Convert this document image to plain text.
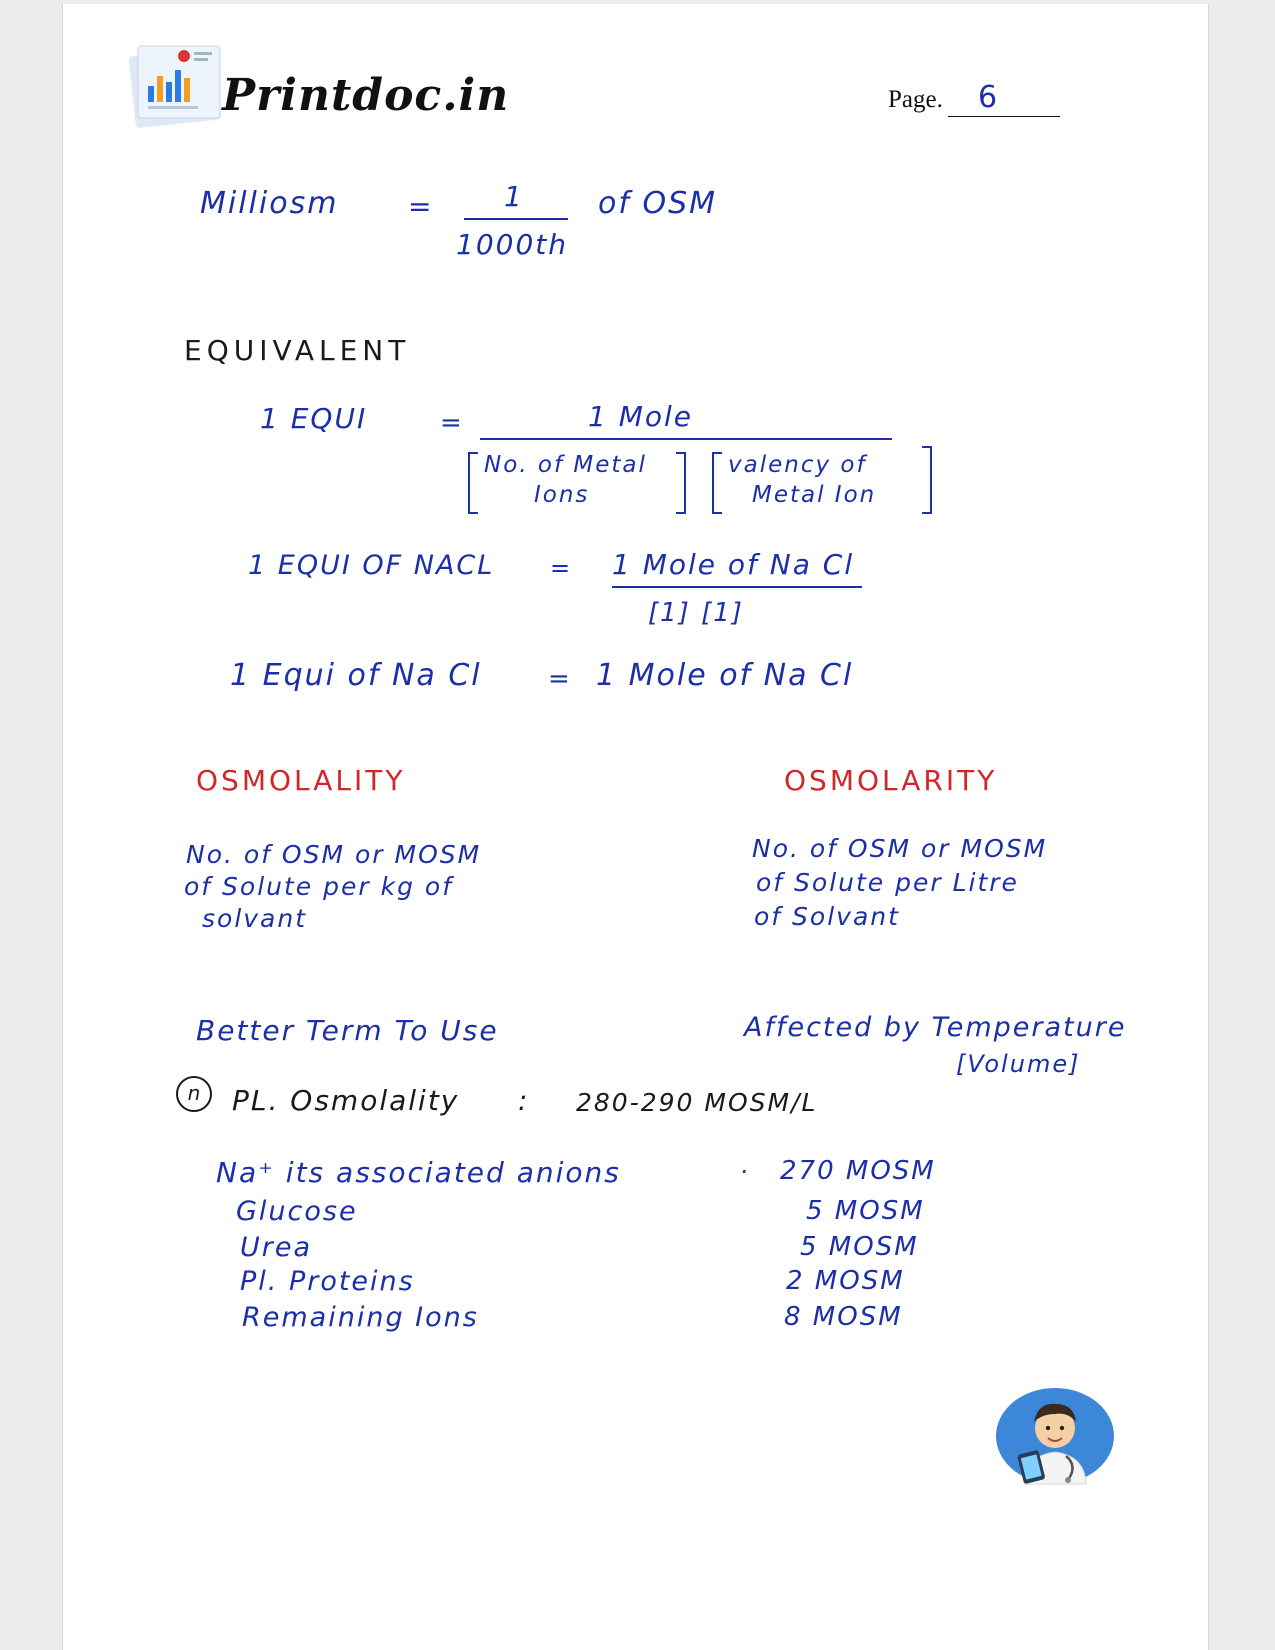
Printdoc.in	Page. 6
Milliosm =	1
1000th
of OSM
EQUIVALENT
1 EQUI	=	1 Mole
No. of Metal
Ions
valency of
Metal Ion
1 EQUI OF NACL = 1 Mole of Na Cl
[1] [1]
1 Equi of Na Cl	= 1 Mole of Na Cl
OSMOLALITY
No. of OSM or MOSM
of Solute per kg of
solvant
Better Term To Use
OSMOLARITY
No. of OSM or MOSM
of Solute per Litre
of Solvant
Affected by Temperature
[Volume]
n	PL. Osmolality : 280-290 MOSM/L
Na⁺ its associated anions	· 270 MOSM
Glucose	5 MOSM
Urea	5 MOSM
Pl. Proteins	2 MOSM
Remaining Ions	8 MOSM
